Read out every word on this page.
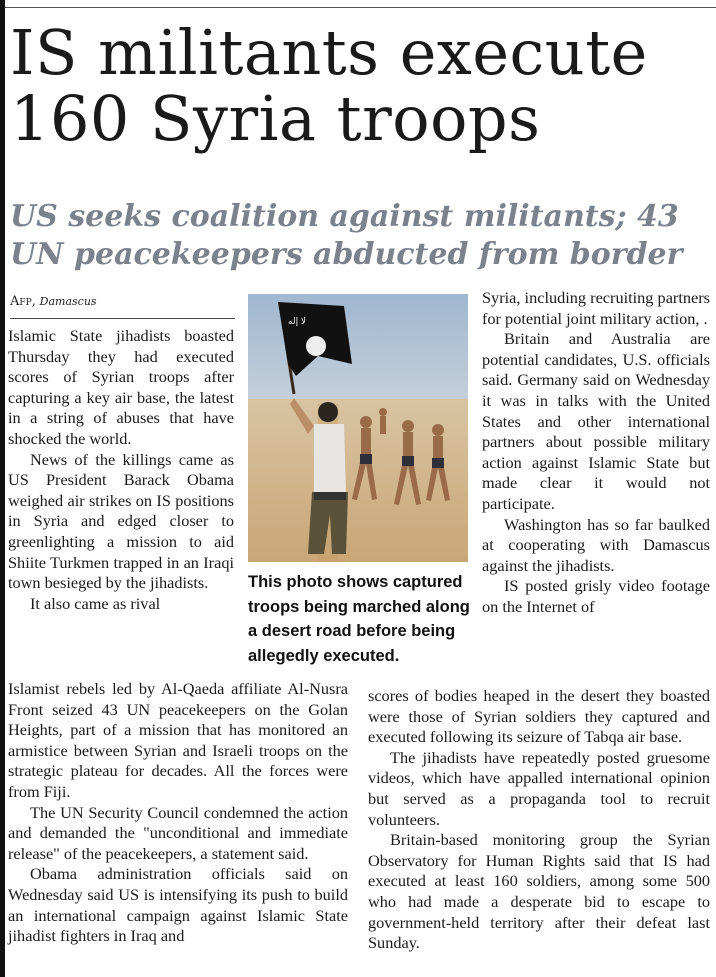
IS militants execute
160 Syria troops
US seeks coalition against militants; 43
UN peacekeepers abducted from border
Afp, Damascus

Islamic State jihadists boasted Thursday they had executed scores of Syrian troops after capturing a key air base, the latest in a string of abuses that have shocked the world.

News of the killings came as US President Barack Obama weighed air strikes on IS positions in Syria and edged closer to greenlighting a mission to aid Shiite Turkmen trapped in an Iraqi town besieged by the jihadists.

It also came as rival

Islamist rebels led by Al-Qaeda affiliate Al-Nusra Front seized 43 UN peacekeepers on the Golan Heights, part of a mission that has monitored an armistice between Syrian and Israeli troops on the strategic plateau for decades. All the forces were from Fiji.

The UN Security Council condemned the action and demanded the "unconditional and immediate release" of the peacekeepers, a statement said.

Obama administration officials said on Wednesday said US is intensifying its push to build an international campaign against Islamic State jihadist fighters in Iraq and

ﻻ ﺇﻟﻪ

This photo shows captured troops being marched along a desert road before being allegedly executed.

Syria, including recruiting partners for potential joint military action, .

Britain and Australia are potential candidates, U.S. officials said. Germany said on Wednesday it was in talks with the United States and other international partners about possible military action against Islamic State but made clear it would not participate.

Washington has so far baulked at cooperating with Damascus against the jihadists.

IS posted grisly video footage on the Internet of

scores of bodies heaped in the desert they boasted were those of Syrian soldiers they captured and executed following its seizure of Tabqa air base.

The jihadists have repeatedly posted gruesome videos, which have appalled international opinion but served as a propaganda tool to recruit volunteers.

Britain-based monitoring group the Syrian Observatory for Human Rights said that IS had executed at least 160 soldiers, among some 500 who had made a desperate bid to escape to government-held territory after their defeat last Sunday.
